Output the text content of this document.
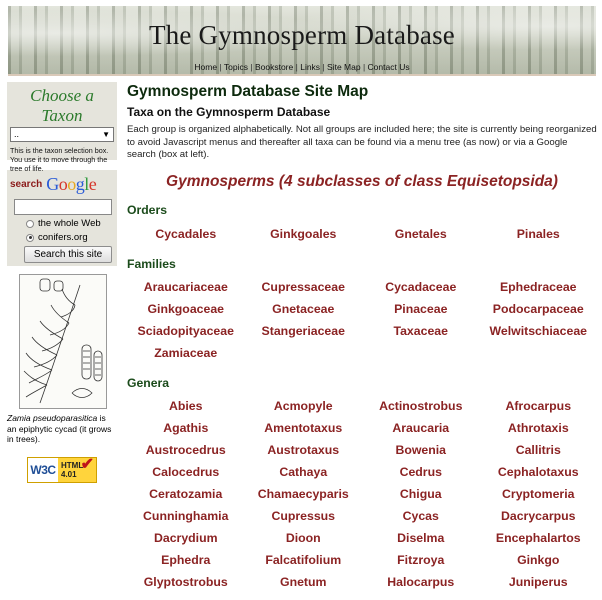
The Gymnosperm Database
Home | Topics | Bookstore | Links | Site Map | Contact Us
Choose a Taxon
..	▼
This is the taxon selection box. You use it to move through the tree of life.
search Google
the whole Web
conifers.org
Search this site
Zamia pseudoparasitica is an epiphytic cycad (it grows in trees).
W3C HTML
4.01
✔
Gymnosperm Database Site Map
Taxa on the Gymnosperm Database
Each group is organized alphabetically. Not all groups are included here; the site is currently being reorganized to avoid Javascript menus and thereafter all taxa can be found via a menu tree (as now) or via a Google search (box at left).
Gymnosperms (4 subclasses of class Equisetopsida)
Orders
Cycadales	Ginkgoales	Gnetales	Pinales
Families
Araucariaceae	Cupressaceae	Cycadaceae	Ephedraceae
Ginkgoaceae	Gnetaceae	Pinaceae	Podocarpaceae
Sciadopityaceae	Stangeriaceae	Taxaceae	Welwitschiaceae
Zamiaceae
Genera
Abies	Acmopyle	Actinostrobus	Afrocarpus
Agathis	Amentotaxus	Araucaria	Athrotaxis
Austrocedrus	Austrotaxus	Bowenia	Callitris
Calocedrus	Cathaya	Cedrus	Cephalotaxus
Ceratozamia	Chamaecyparis	Chigua	Cryptomeria
Cunninghamia	Cupressus	Cycas	Dacrycarpus
Dacrydium	Dioon	Diselma	Encephalartos
Ephedra	Falcatifolium	Fitzroya	Ginkgo
Glyptostrobus	Gnetum	Halocarpus	Juniperus
